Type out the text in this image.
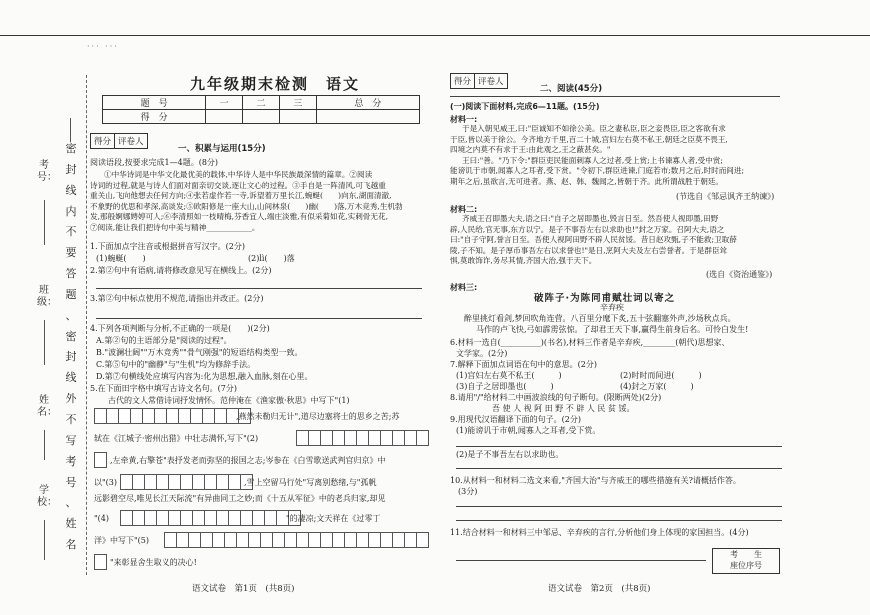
··· ···
密
封
线
内
不
要
答
题
、
密
封
线
外
不
写
考
号
、
姓
名
考号：
班级：
姓名：
学校：
九年级期末检测　语文
题　号	一	二	三	总　分
得　分				
得分 评卷人
一、积累与运用(15分)
阅读语段,按要求完成1—4题。(8分)
①中华诗词是中华文化最优美的载体,中华诗人是中华民族最深情的篇章。②阅读
诗词的过程,就是与诗人们面对面亲切交谈,逐让文心的过程。③手自是一阵清风,可飞越重
重关山,飞向他想去任何方向;④张若虚作若一寺,诉望着万里长江,蜿蜒(　　)向东,湖面清澈,
不象野的优思和孝深,高谈发;⑤欧阳修是一座大山,山间林泉(　　)幽(　　)落,万木竞秀,生机勃
发,那般婀娜娉婷可人;⑥李清照如一枝晴梅,芬香宜人,端庄淡雅,有似采菊如花,实刺骨无花,
⑦阅读,能让我们把诗句中美与精神____________。
1.下面加点字注音或根据拼音写汉字。(2分)
(1)蜿蜒(　　)	(2)lì(　　)落
2.第②句中有语病,请将修改意见写在横线上。(2分)
3.第②句中标点使用不规范,请指出并改正。(2分)
4.下列各项判断与分析,不正确的一项是(　　)(2分)
A.第②句的主语部分是"阅读的过程"。
B."波澜壮阔""万木竞秀""骨气刚强"的短语结构类型一致。
C.第⑤句中的"幽静"与"生机"均为修辞手法。
D.第⑦句横线处应填写内容为:化为思想,融入血脉,刻在心里。
5.在下面田字格中填写古诗文名句。(7分)
古代的文人常借诗词抒发情怀。范仲淹在《渔家傲·秋思》中写下"(1)
,燕然未勒归无计",道尽边塞将士的思乡之苦;苏
轼在《江城子·密州出猎》中壮志满怀,写下"(2)
,左牵黄,右擎苍"表抒发老而弥坚的报国之志;岑参在《白雪歌送武判官归京》中
以"(3)	,雪上空留马行处"写离别愁绪,与"孤帆
远影碧空尽,唯见长江天际流"有异曲同工之妙;而《十五从军征》中的老兵归家,却见
"(4)	"的凄凉;文天祥在《过零丁
洋》中写下"(5)
"来彰显舍生取义的决心!
语文试卷　第1页　(共8页)
得分 评卷人
二、阅读(45分)
(一)阅读下面材料,完成6—11题。(15分)
材料一:
于是入朝见威王,曰:"臣诚知不如徐公美。臣之妻私臣,臣之妾畏臣,臣之客欲有求
于臣,皆以美于徐公。今齐地方千里,百二十城,宫妇左右莫不私王,朝廷之臣莫不畏王,
四境之内莫不有求于王:由此观之,王之蔽甚矣。"
王曰:"善。"乃下令:"群臣吏民能面刺寡人之过者,受上赏;上书谏寡人者,受中赏;
能谤讥于市朝,闻寡人之耳者,受下赏。"令初下,群臣进谏,门庭若市;数月之后,时时而间进;
期年之后,虽欲言,无可进者。燕、赵、韩、魏闻之,皆朝于齐。此所谓战胜于朝廷。
(节选自《邹忌讽齐王纳谏》)
材料二:
齐威王召即墨大夫,语之曰:"自子之居即墨也,毁言日至。然吾使人视即墨,田野
辟,人民给,官无事,东方以宁。是子不事吾左右以求助也!"封之万家。召阿大夫,语之
曰:"自子守阿,誉言日至。吾使人视阿田野不辟人民贫馁。昔日赵攻甄,子不能救;卫取薛
陵,子不知。是子厚币事吾左右以求誉也!"是日,烹阿大夫及左右尝誉者。于是群臣耸
惧,莫敢饰诈,务尽其情,齐国大治,强于天下。
(选自《资治通鉴》)
材料三:
破阵子·为陈同甫赋壮词以寄之
辛弃疾
醉里挑灯看剑,梦回吹角连营。八百里分麾下炙,五十弦翻塞外声,沙场秋点兵。
马作的卢飞快,弓如霹雳弦惊。了却君王天下事,赢得生前身后名。可怜白发生!
6.材料一选自(__________)(书名),材料三作者是辛弃疾,________(朝代)思想家、
文学家。(2分)
7.解释下面加点词语在句中的意思。(2分)
(1)宫妇左右莫不私王(　　　)	(2)时时而间进(　　　)
(3)自子之居即墨也(　　　)	(4)封之万家(　　　)
8.请用"/"给材料二中画波浪线的句子断句。(限断两处)(2分)
吾 使 人 视 阿 田 野 不 辟 人 民 贫 馁。
9.用现代汉语翻译下面的句子。(2分)
(1)能谤讥于市朝,闻寡人之耳者,受下赏。
(2)是子不事吾左右以求助也。
10.从材料一和材料二选文来看,"齐国大治"与齐威王的哪些措施有关?请概括作答。
(3分)
11.结合材料一和材料三中邹忌、辛弃疾的言行,分析他们身上体现的家国担当。(4分)
考　　生
座位序号
语文试卷　第2页　(共8页)
